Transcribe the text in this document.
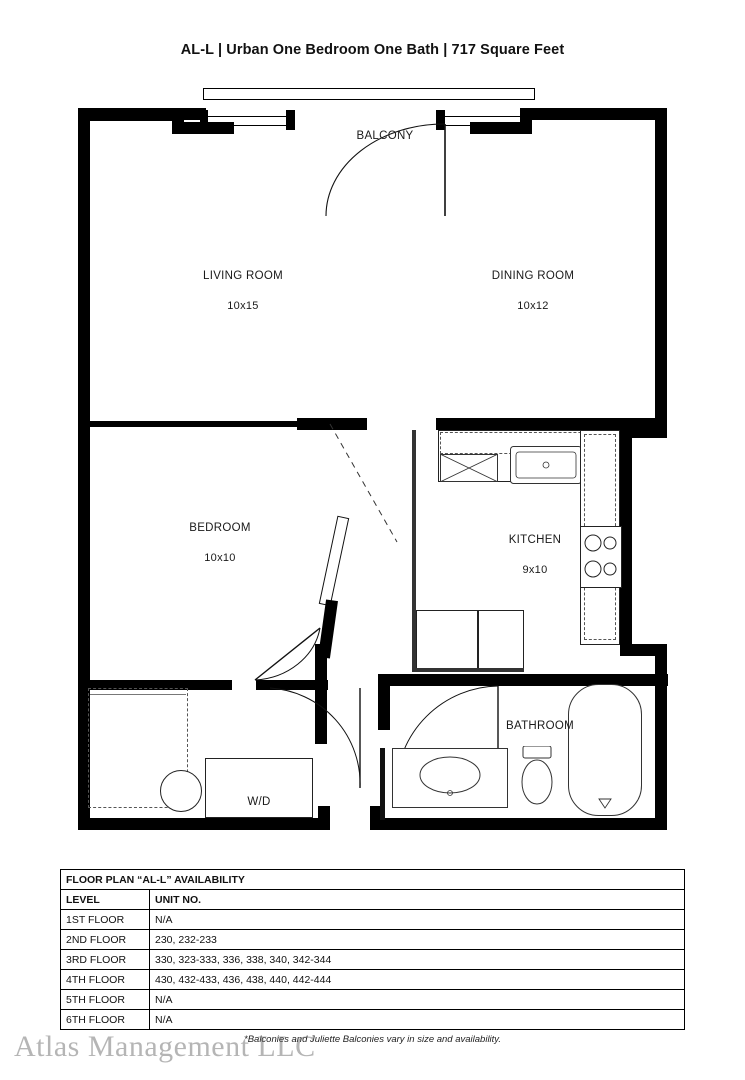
AL-L | Urban One Bedroom One Bath | 717 Square Feet

W/D

BALCONY

LIVING ROOM

10x15

DINING ROOM

10x12

BEDROOM

10x10

KITCHEN

9x10

BATHROOM

FLOOR PLAN “AL-L” AVAILABILITY	
LEVEL	UNIT NO.
1ST FLOOR	N/A
2ND FLOOR	230, 232-233
3RD FLOOR	330, 323-333, 336, 338, 340, 342-344
4TH FLOOR	430, 432-433, 436, 438, 440, 442-444
5TH FLOOR	N/A
6TH FLOOR	N/A
*Balconies and Juliette Balconies vary in size and availability.
Atlas Management LLC
